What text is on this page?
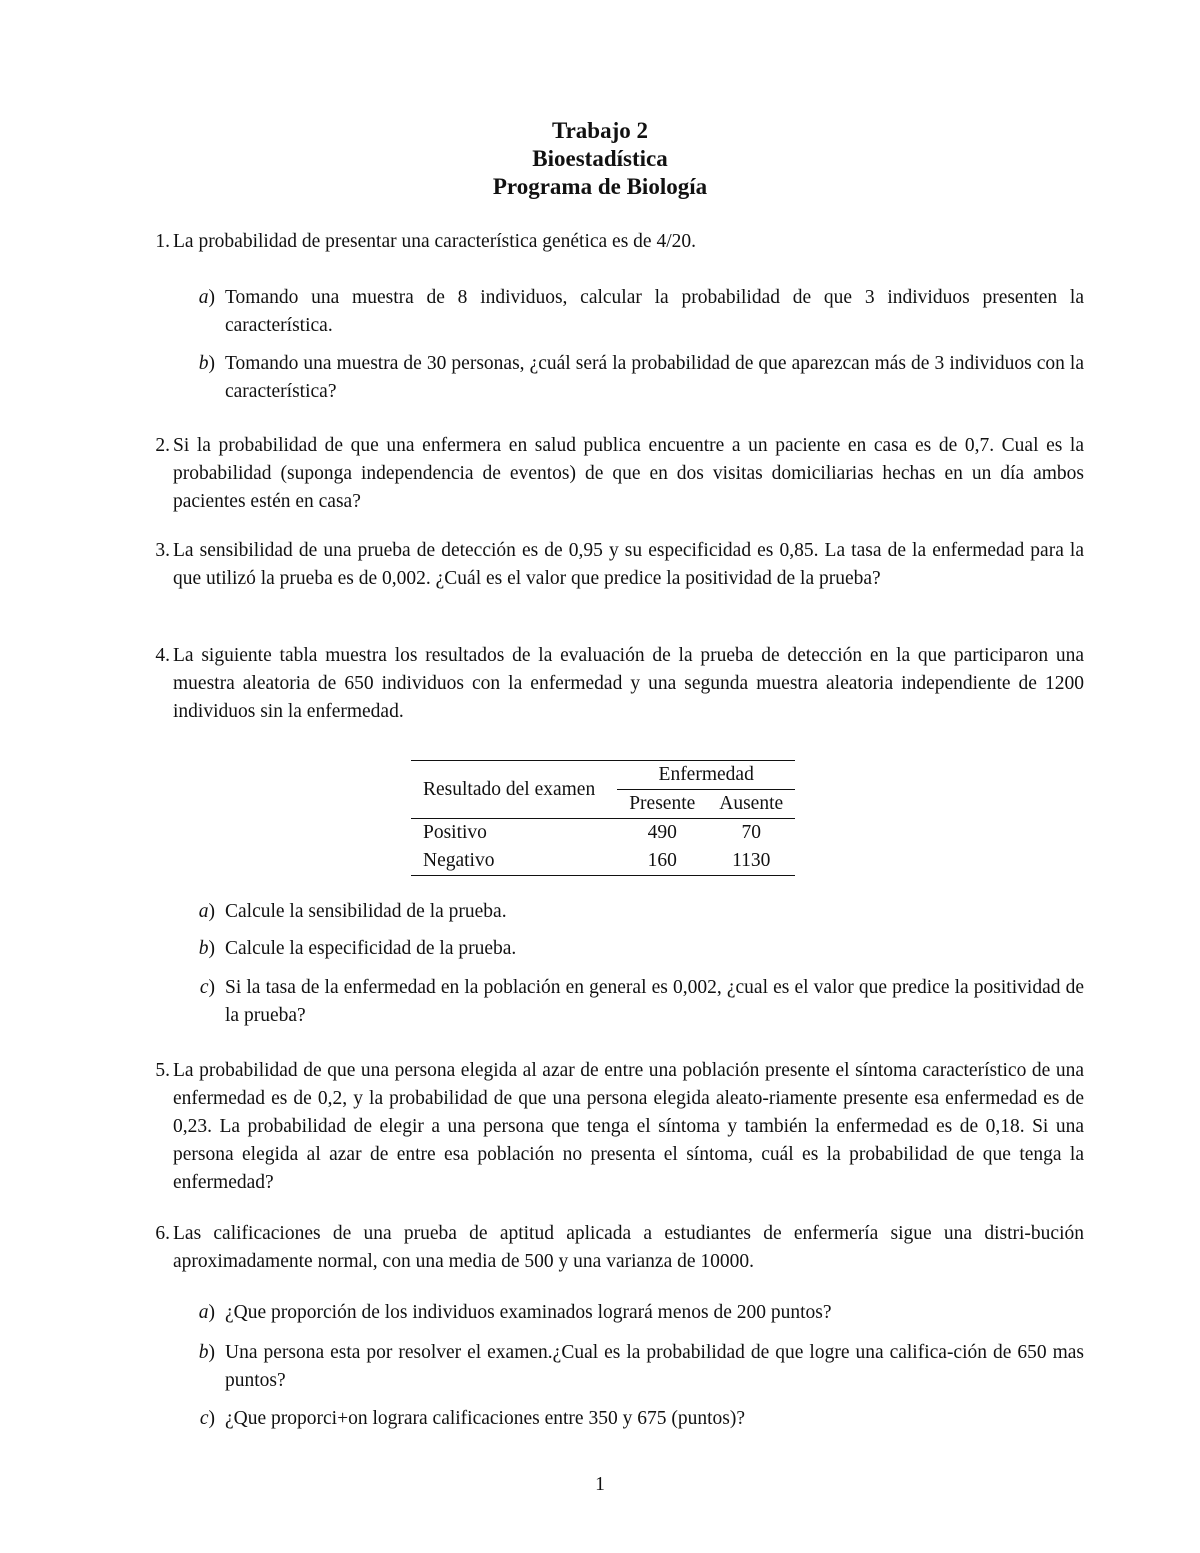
Trabajo 2
Bioestadística
Programa de Biología
1. La probabilidad de presentar una característica genética es de 4/20.
a) Tomando una muestra de 8 individuos, calcular la probabilidad de que 3 individuos presenten la característica.
b) Tomando una muestra de 30 personas, ¿cuál será la probabilidad de que aparezcan más de 3 individuos con la característica?
2. Si la probabilidad de que una enfermera en salud publica encuentre a un paciente en casa es de 0,7. Cual es la probabilidad (suponga independencia de eventos) de que en dos visitas domiciliarias hechas en un día ambos pacientes estén en casa?
3. La sensibilidad de una prueba de detección es de 0,95 y su especificidad es 0,85. La tasa de la enfermedad para la que utilizó la prueba es de 0,002. ¿Cuál es el valor que predice la positividad de la prueba?
4. La siguiente tabla muestra los resultados de la evaluación de la prueba de detección en la que participaron una muestra aleatoria de 650 individuos con la enfermedad y una segunda muestra aleatoria independiente de 1200 individuos sin la enfermedad.
Resultado del examen	Enfermedad	
	Presente	Ausente
Positivo	490	70
Negativo	160	1130
a) Calcule la sensibilidad de la prueba.
b) Calcule la especificidad de la prueba.
c) Si la tasa de la enfermedad en la población en general es 0,002, ¿cual es el valor que predice la positividad de la prueba?
5. La probabilidad de que una persona elegida al azar de entre una población presente el síntoma característico de una enfermedad es de 0,2, y la probabilidad de que una persona elegida aleato-riamente presente esa enfermedad es de 0,23. La probabilidad de elegir a una persona que tenga el síntoma y también la enfermedad es de 0,18. Si una persona elegida al azar de entre esa población no presenta el síntoma, cuál es la probabilidad de que tenga la enfermedad?
6. Las calificaciones de una prueba de aptitud aplicada a estudiantes de enfermería sigue una distri-bución aproximadamente normal, con una media de 500 y una varianza de 10000.
a) ¿Que proporción de los individuos examinados logrará menos de 200 puntos?
b) Una persona esta por resolver el examen.¿Cual es la probabilidad de que logre una califica-ción de 650 mas puntos?
c) ¿Que proporci+on lograra calificaciones entre 350 y 675 (puntos)?
1
